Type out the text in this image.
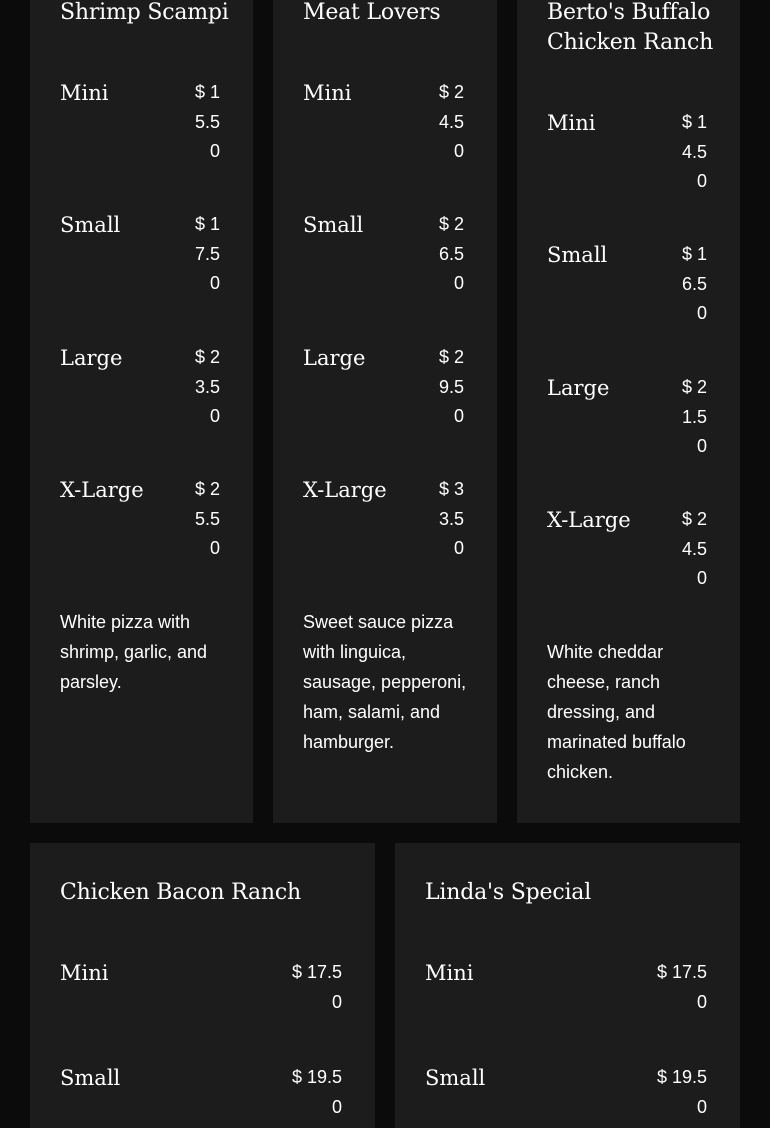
Shrimp Scampi
Mini	$ 15.50
Small	$ 17.50
Large	$ 23.50
X-Large	$ 25.50
White pizza with shrimp, garlic, and parsley.
Meat Lovers
Mini	$ 24.50
Small	$ 26.50
Large	$ 29.50
X-Large	$ 33.50
Sweet sauce pizza with linguica, sausage, pepperoni, ham, salami, and hamburger.
Berto's Buffalo Chicken Ranch
Mini	$ 14.50
Small	$ 16.50
Large	$ 21.50
X-Large	$ 24.50
White cheddar cheese, ranch dressing, and marinated buffalo chicken.
Chicken Bacon Ranch
Mini	$ 17.50
Small	$ 19.50
Linda's Special
Mini	$ 17.50
Small	$ 19.50
